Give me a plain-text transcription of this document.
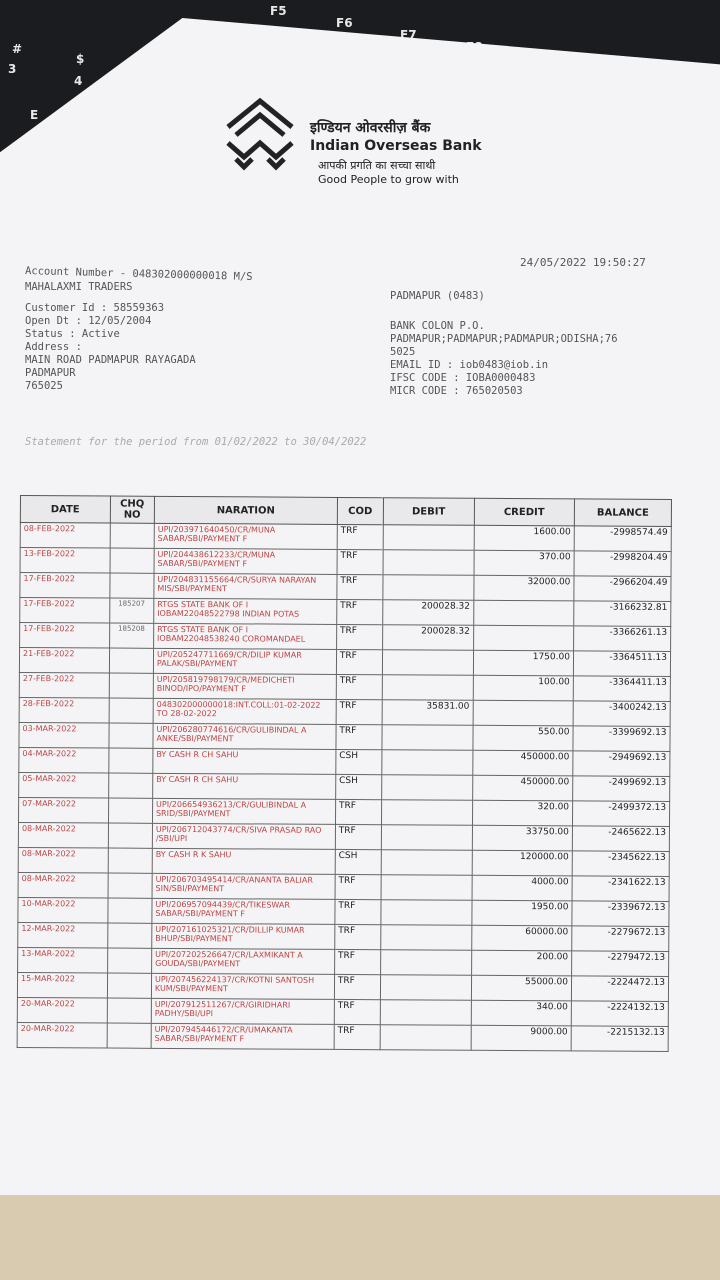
F5
F6
F7
#
3
$
4
E
इण्डियन ओवरसीज़ बैंक
Indian Overseas Bank
आपकी प्रगति का सच्चा साथी
Good People to grow with
24/05/2022 19:50:27
Account Number - 048302000000018 M/S
MAHALAXMI TRADERS
Customer Id : 58559363
Open Dt : 12/05/2004
Status : Active
Address :
MAIN ROAD PADMAPUR RAYAGADA
PADMAPUR
765025
PADMAPUR (0483)
BANK COLON P.O.
PADMAPUR;PADMAPUR;PADMAPUR;ODISHA;76
5025
EMAIL ID : iob0483@iob.in
IFSC CODE : IOBA0000483
MICR CODE : 765020503
Statement for the period from 01/02/2022 to 30/04/2022
DATE	CHQ NO	NARATION	COD	DEBIT	CREDIT	BALANCE
08-FEB-2022		UPI/203971640450/CR/MUNA SABAR/SBI/PAYMENT F	TRF		1600.00	-2998574.49
13-FEB-2022		UPI/204438612233/CR/MUNA SABAR/SBI/PAYMENT F	TRF		370.00	-2998204.49
17-FEB-2022		UPI/204831155664/CR/SURYA NARAYAN MIS/SBI/PAYMENT	TRF		32000.00	-2966204.49
17-FEB-2022	185207	RTGS STATE BANK OF I IOBAM22048522798 INDIAN POTAS	TRF	200028.32		-3166232.81
17-FEB-2022	185208	RTGS STATE BANK OF I IOBAM22048538240 COROMANDAEL	TRF	200028.32		-3366261.13
21-FEB-2022		UPI/205247711669/CR/DILIP KUMAR PALAK/SBI/PAYMENT	TRF		1750.00	-3364511.13
27-FEB-2022		UPI/205819798179/CR/MEDICHETI BINOD/IPO/PAYMENT F	TRF		100.00	-3364411.13
28-FEB-2022		048302000000018:INT.COLL:01-02-2022 TO 28-02-2022	TRF	35831.00		-3400242.13
03-MAR-2022		UPI/206280774616/CR/GULIBINDAL A ANKE/SBI/PAYMENT	TRF		550.00	-3399692.13
04-MAR-2022		BY CASH R CH SAHU	CSH		450000.00	-2949692.13
05-MAR-2022		BY CASH R CH SAHU	CSH		450000.00	-2499692.13
07-MAR-2022		UPI/206654936213/CR/GULIBINDAL A SRID/SBI/PAYMENT	TRF		320.00	-2499372.13
08-MAR-2022		UPI/206712043774/CR/SIVA PRASAD RAO /SBI/UPI	TRF		33750.00	-2465622.13
08-MAR-2022		BY CASH R K SAHU	CSH		120000.00	-2345622.13
08-MAR-2022		UPI/206703495414/CR/ANANTA BALIAR SIN/SBI/PAYMENT	TRF		4000.00	-2341622.13
10-MAR-2022		UPI/206957094439/CR/TIKESWAR SABAR/SBI/PAYMENT F	TRF		1950.00	-2339672.13
12-MAR-2022		UPI/207161025321/CR/DILLIP KUMAR BHUP/SBI/PAYMENT	TRF		60000.00	-2279672.13
13-MAR-2022		UPI/207202526647/CR/LAXMIKANT A GOUDA/SBI/PAYMENT	TRF		200.00	-2279472.13
15-MAR-2022		UPI/207456224137/CR/KOTNI SANTOSH KUM/SBI/PAYMENT	TRF		55000.00	-2224472.13
20-MAR-2022		UPI/207912511267/CR/GIRIDHARI PADHY/SBI/UPI	TRF		340.00	-2224132.13
20-MAR-2022		UPI/207945446172/CR/UMAKANTA SABAR/SBI/PAYMENT F	TRF		9000.00	-2215132.13
